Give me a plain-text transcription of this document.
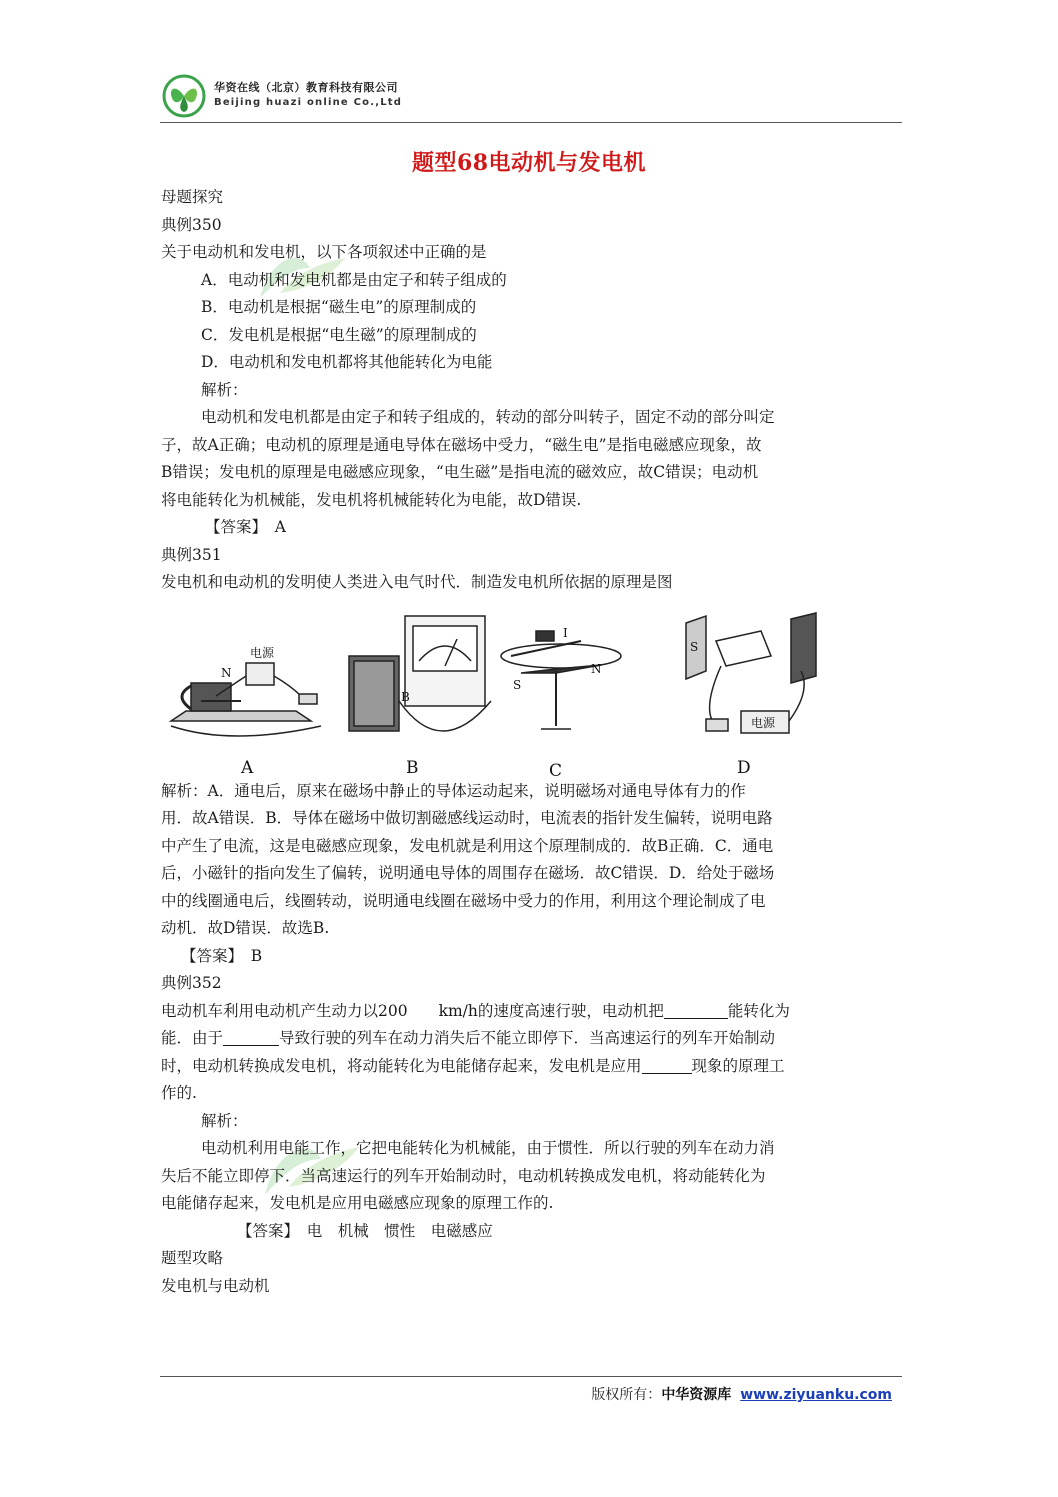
华资在线（北京）教育科技有限公司
Beijing huazi online Co.,Ltd
题型68电动机与发电机

母题探究

典例350

关于电动机和发电机，以下各项叙述中正确的是

A．电动机和发电机都是由定子和转子组成的

B．电动机是根据“磁生电”的原理制成的

C．发电机是根据“电生磁”的原理制成的

D．电动机和发电机都将其他能转化为电能

解析：

电动机和发电机都是由定子和转子组成的，转动的部分叫转子，固定不动的部分叫定

子，故A正确；电动机的原理是通电导体在磁场中受力，“磁生电”是指电磁感应现象，故

B错误；发电机的原理是电磁感应现象，“电生磁”是指电流的磁效应，故C错误；电动机

将电能转化为机械能，发电机将机械能转化为电能，故D错误.

【答案】　A

典例351

发电机和电动机的发明使人类进入电气时代．制造发电机所依据的原理是图

电源
N
B
I
S
N
S
电源
A	B	C	D

解析：A．通电后，原来在磁场中静止的导体运动起来，说明磁场对通电导体有力的作

用．故A错误．B．导体在磁场中做切割磁感线运动时，电流表的指针发生偏转，说明电路

中产生了电流，这是电磁感应现象，发电机就是利用这个原理制成的．故B正确．C．通电

后，小磁针的指向发生了偏转，说明通电导体的周围存在磁场．故C错误．D．给处于磁场

中的线圈通电后，线圈转动，说明通电线圈在磁场中受力的作用，利用这个理论制成了电

动机．故D错误．故选B.

【答案】　B

典例352

电动机车利用电动机产生动力以200　　km/h的速度高速行驶，电动机把	能转化为

能．由于	导致行驶的列车在动力消失后不能立即停下．当高速运行的列车开始制动

时，电动机转换成发电机，将动能转化为电能储存起来，发电机是应用	现象的原理工

作的.

解析：

电动机利用电能工作，它把电能转化为机械能，由于惯性．所以行驶的列车在动力消

失后不能立即停下．当高速运行的列车开始制动时，电动机转换成发电机，将动能转化为

电能储存起来，发电机是应用电磁感应现象的原理工作的.

【答案】　电　机械　惯性　电磁感应

题型攻略

发电机与电动机

版权所有：中华资源库 www.ziyuanku.com
